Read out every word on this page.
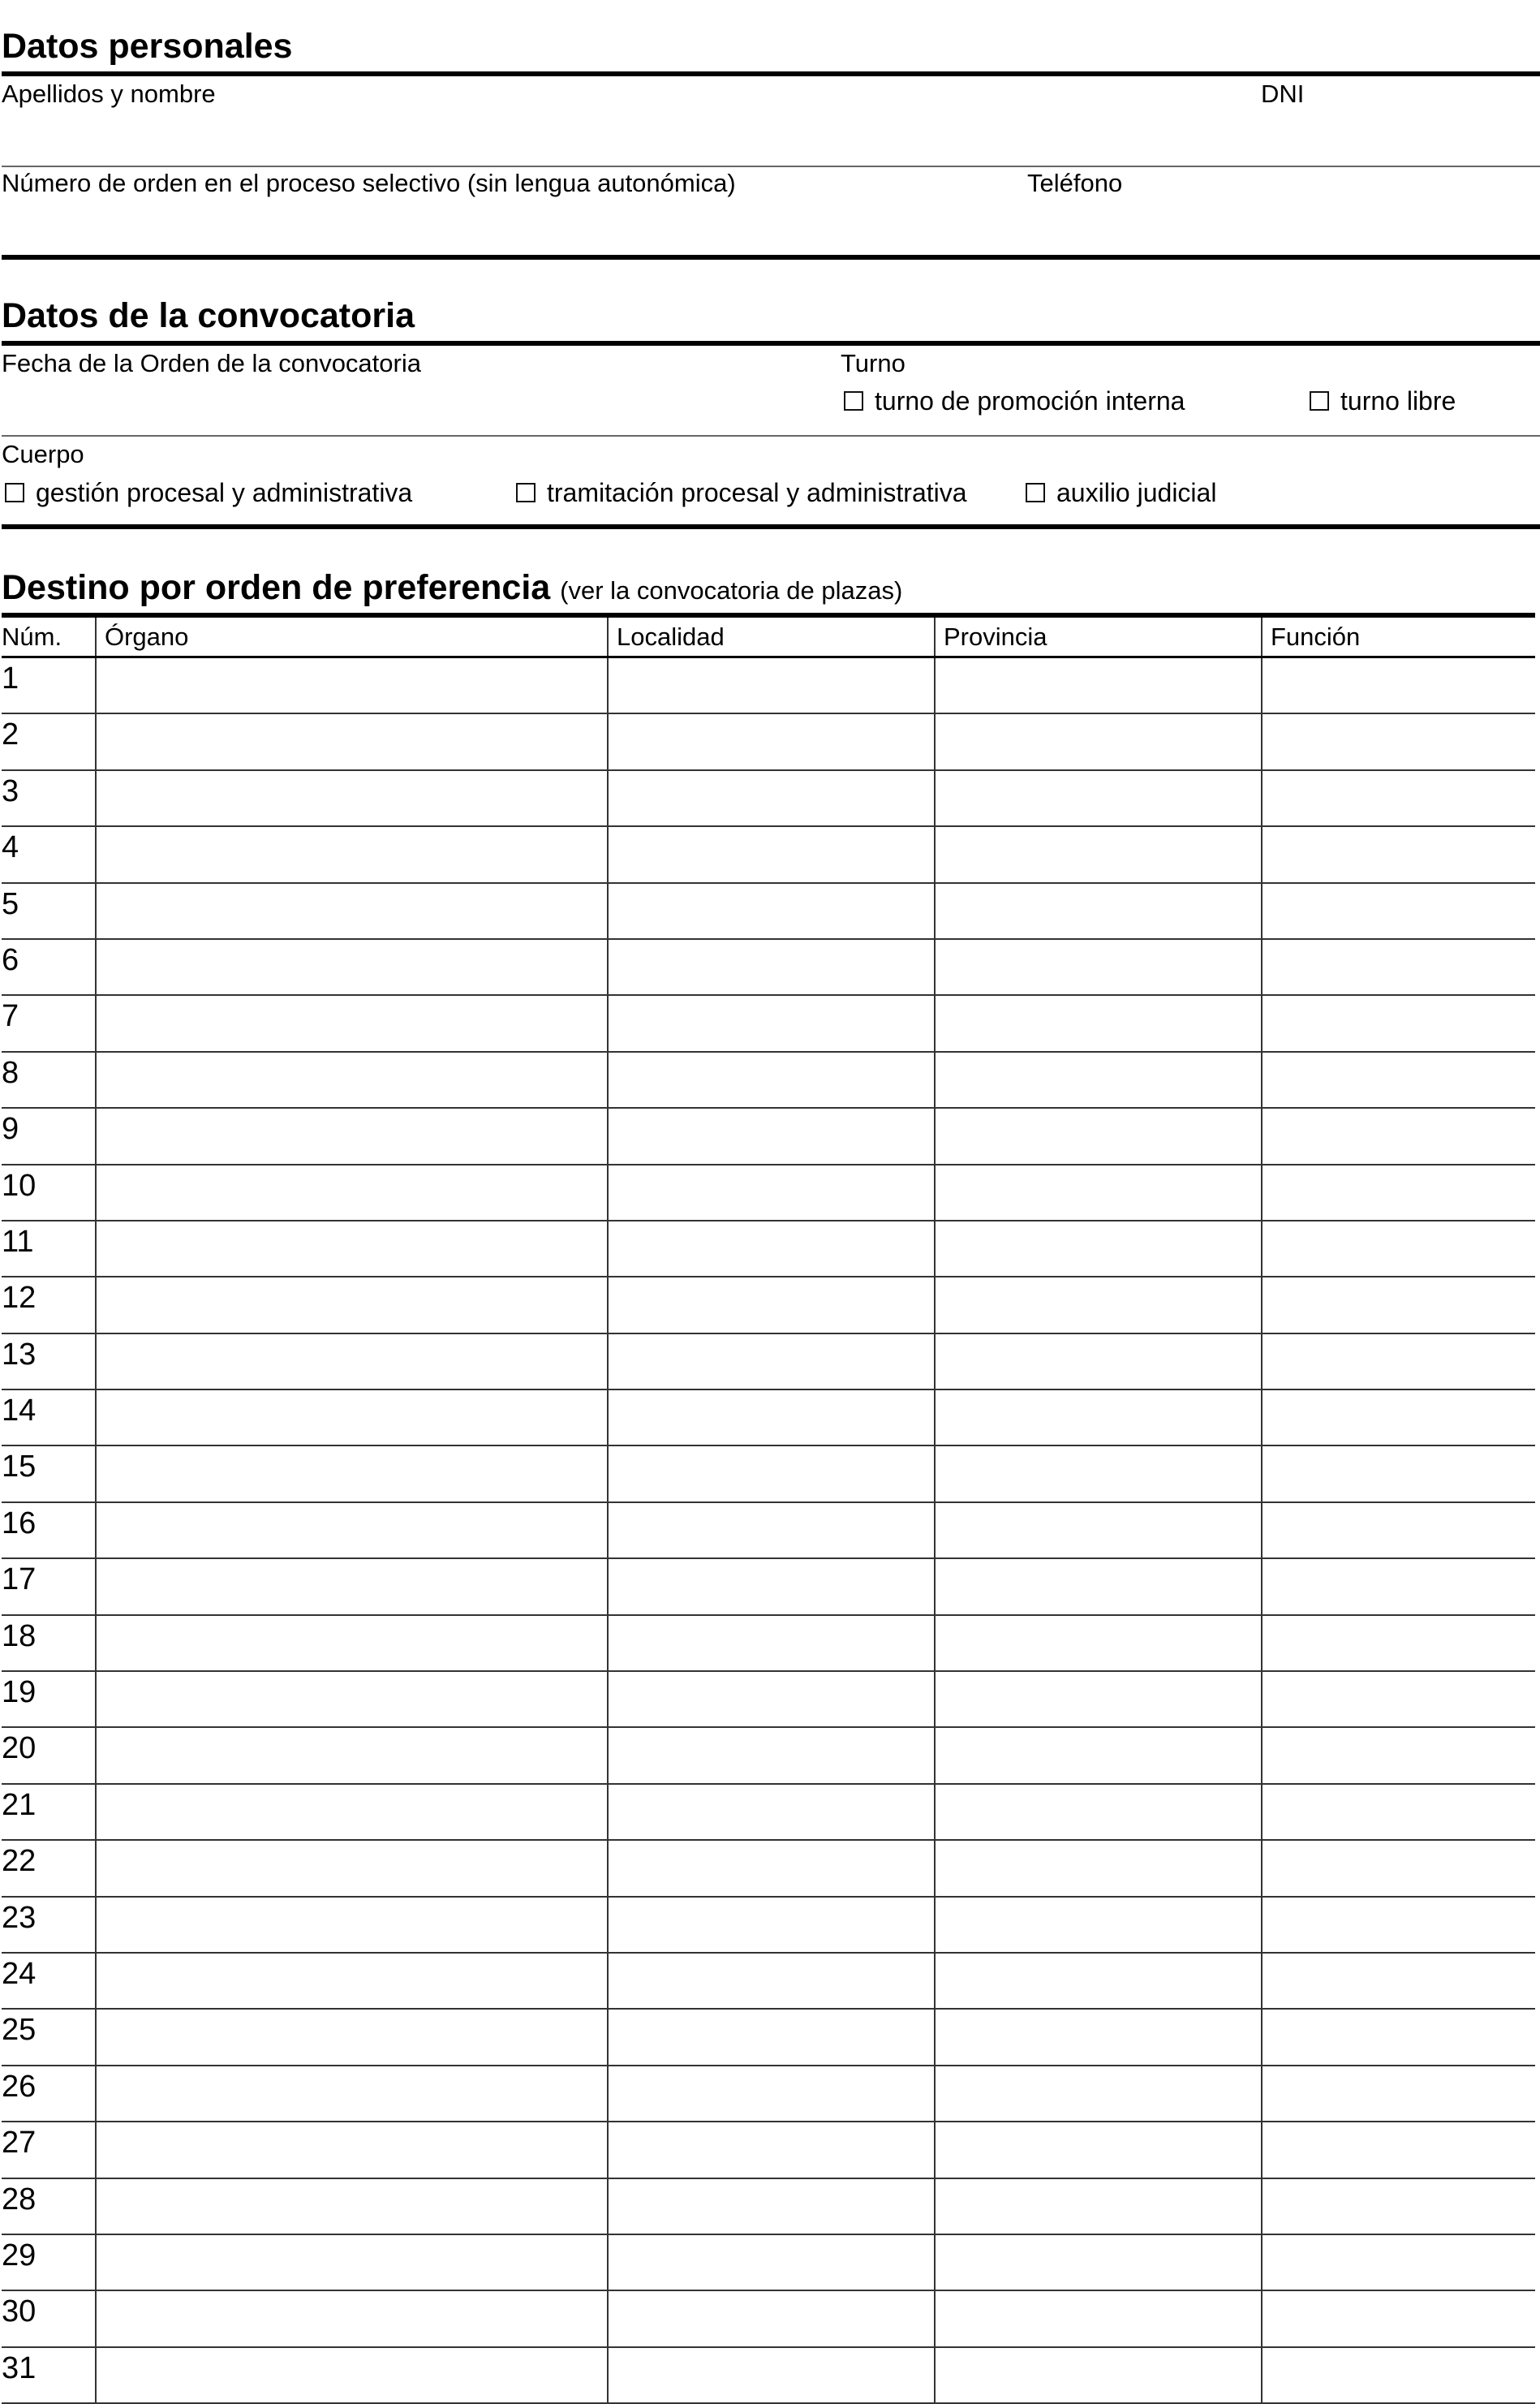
Datos personales
Apellidos y nombre	DNI
Número de orden en el proceso selectivo (sin lengua autonómica)	Teléfono
Datos de la convocatoria
Fecha de la Orden de la convocatoria	Turno
turno de promoción interna	turno libre
Cuerpo
gestión procesal y administrativa	tramitación procesal y administrativa	auxilio judicial
Destino por orden de preferencia (ver la convocatoria de plazas)
Núm.	Órgano	Localidad	Provincia	Función
1				
2				
3				
4				
5				
6				
7				
8				
9				
10				
11				
12				
13				
14				
15				
16				
17				
18				
19				
20				
21				
22				
23				
24				
25				
26				
27				
28				
29				
30				
31				
